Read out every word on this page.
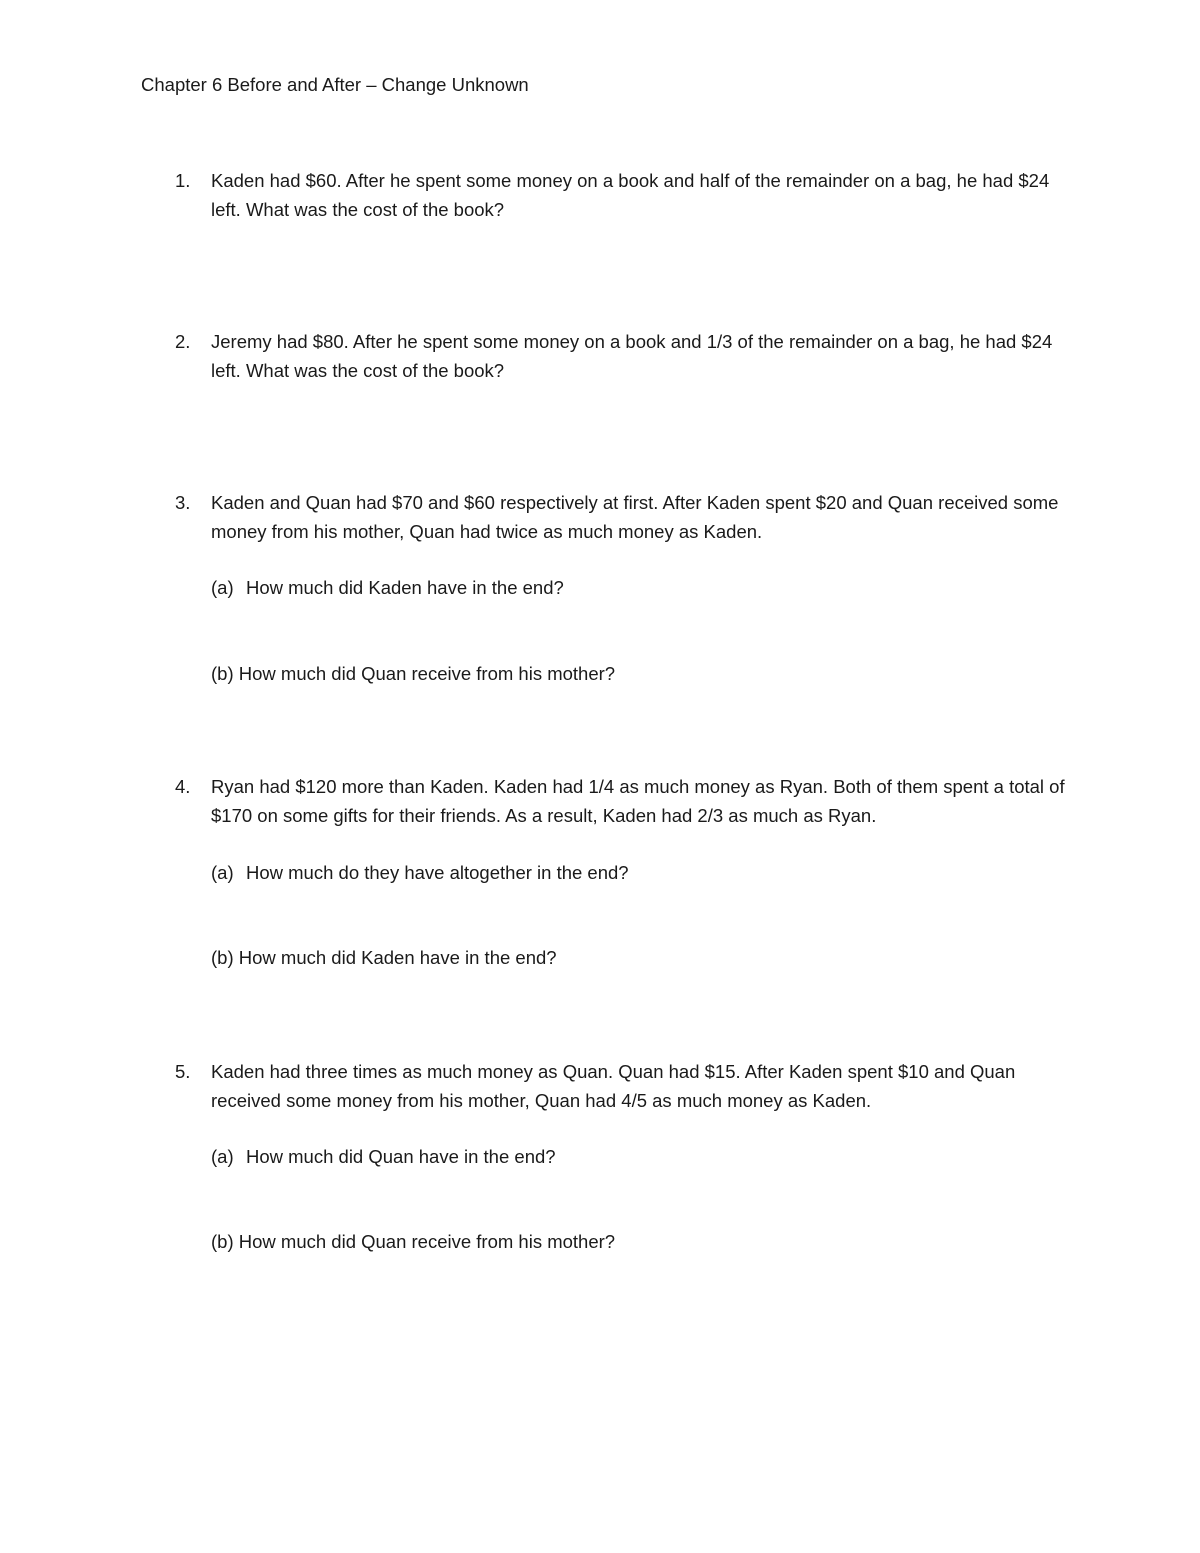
Chapter 6 Before and After – Change Unknown
1.	Kaden had $60. After he spent some money on a book and half of the remainder on a bag, he had $24 left. What was the cost of the book?
2.	Jeremy had $80. After he spent some money on a book and 1/3 of the remainder on a bag, he had $24 left. What was the cost of the book?
3.	Kaden and Quan had $70 and $60 respectively at first. After Kaden spent $20 and Quan received some money from his mother, Quan had twice as much money as Kaden.
(a) How much did Kaden have in the end?
(b) How much did Quan receive from his mother?
4.	Ryan had $120 more than Kaden. Kaden had 1/4 as much money as Ryan. Both of them spent a total of $170 on some gifts for their friends. As a result, Kaden had 2/3 as much as Ryan.
(a) How much do they have altogether in the end?
(b) How much did Kaden have in the end?
5.	Kaden had three times as much money as Quan. Quan had $15. After Kaden spent $10 and Quan received some money from his mother, Quan had 4/5 as much money as Kaden.
(a) How much did Quan have in the end?
(b) How much did Quan receive from his mother?
